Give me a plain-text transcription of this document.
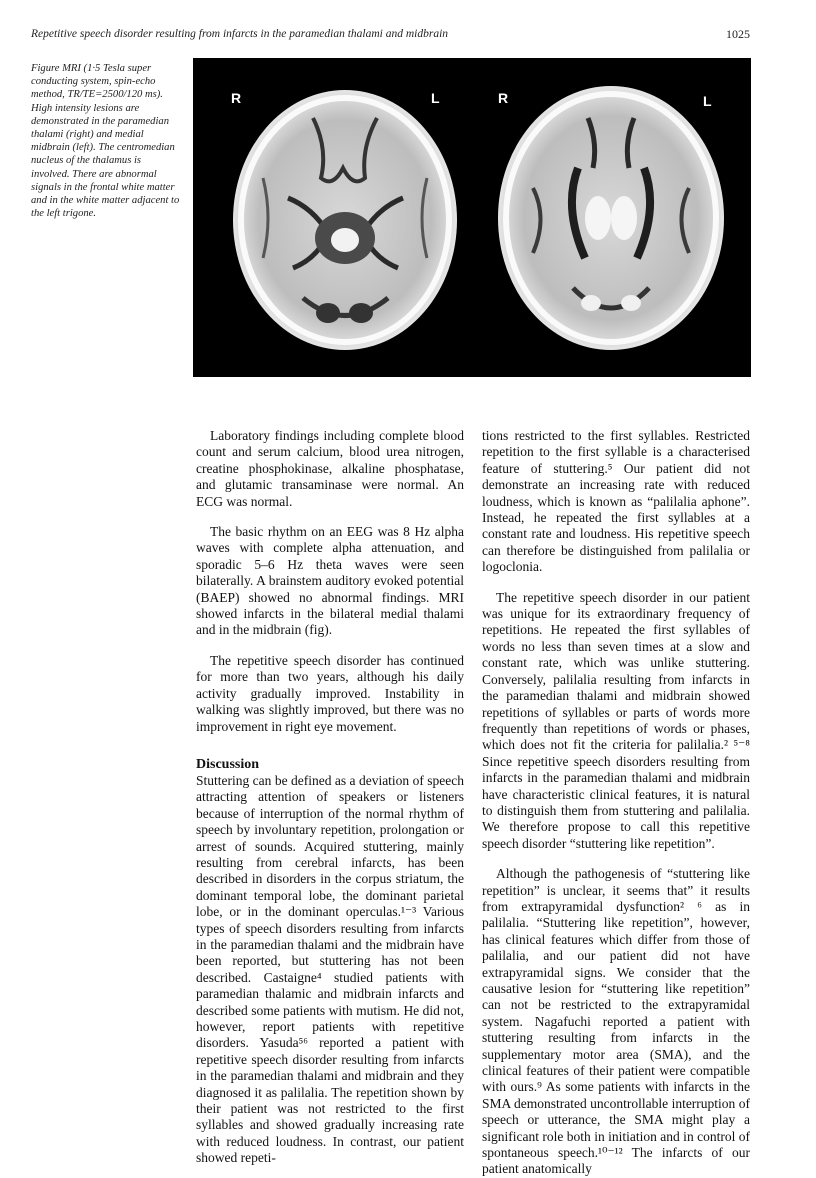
Repetitive speech disorder resulting from infarcts in the paramedian thalami and midbrain	1025
Figure MRI (1·5 Tesla super conducting system, spin-echo method, TR/TE=2500/120 ms). High intensity lesions are demonstrated in the paramedian thalami (right) and medial midbrain (left). The centromedian nucleus of the thalamus is involved. There are abnormal signals in the frontal white matter and in the white matter adjacent to the left trigone.
R	L	R	L

Laboratory findings including complete blood count and serum calcium, blood urea nitrogen, creatine phosphokinase, alkaline phosphatase, and glutamic transaminase were normal. An ECG was normal.

The basic rhythm on an EEG was 8 Hz alpha waves with complete alpha attenuation, and sporadic 5–6 Hz theta waves were seen bilaterally. A brainstem auditory evoked potential (BAEP) showed no abnormal findings. MRI showed infarcts in the bilateral medial thalami and in the midbrain (fig).

The repetitive speech disorder has continued for more than two years, although his daily activity gradually improved. Instability in walking was slightly improved, but there was no improvement in right eye movement.

Discussion

Stuttering can be defined as a deviation of speech attracting attention of speakers or listeners because of interruption of the normal rhythm of speech by involuntary repetition, prolongation or arrest of sounds. Acquired stuttering, mainly resulting from cerebral infarcts, has been described in disorders in the corpus striatum, the dominant temporal lobe, the dominant parietal lobe, or in the dominant operculas.¹⁻³ Various types of speech disorders resulting from infarcts in the paramedian thalami and the midbrain have been reported, but stuttering has not been described. Castaigne⁴ studied patients with paramedian thalamic and midbrain infarcts and described some patients with mutism. He did not, however, report patients with repetitive disorders. Yasuda⁵⁶ reported a patient with repetitive speech disorder resulting from infarcts in the paramedian thalami and midbrain and they diagnosed it as palilalia. The repetition shown by their patient was not restricted to the first syllables and showed gradually increasing rate with reduced loudness. In contrast, our patient showed repeti-

tions restricted to the first syllables. Restricted repetition to the first syllable is a characterised feature of stuttering.⁵ Our patient did not demonstrate an increasing rate with reduced loudness, which is known as “palilalia aphone”. Instead, he repeated the first syllables at a constant rate and loudness. His repetitive speech can therefore be distinguished from palilalia or logoclonia.

The repetitive speech disorder in our patient was unique for its extraordinary frequency of repetitions. He repeated the first syllables of words no less than seven times at a slow and constant rate, which was unlike stuttering. Conversely, palilalia resulting from infarcts in the paramedian thalami and midbrain showed repetitions of syllables or parts of words more frequently than repetitions of words or phases, which does not fit the criteria for palilalia.² ⁵⁻⁸ Since repetitive speech disorders resulting from infarcts in the paramedian thalami and midbrain have characteristic clinical features, it is natural to distinguish them from stuttering and palilalia. We therefore propose to call this repetitive speech disorder “stuttering like repetition”.

Although the pathogenesis of “stuttering like repetition” is unclear, it seems that” it results from extrapyramidal dysfunction² ⁶ as in palilalia. “Stuttering like repetition”, however, has clinical features which differ from those of palilalia, and our patient did not have extrapyramidal signs. We consider that the causative lesion for “stuttering like repetition” can not be restricted to the extrapyramidal system. Nagafuchi reported a patient with stuttering resulting from infarcts in the supplementary motor area (SMA), and the clinical features of their patient were compatible with ours.⁹ As some patients with infarcts in the SMA demonstrated uncontrollable interruption of speech or utterance, the SMA might play a significant role both in initiation and in control of spontaneous speech.¹⁰⁻¹² The infarcts of our patient anatomically
